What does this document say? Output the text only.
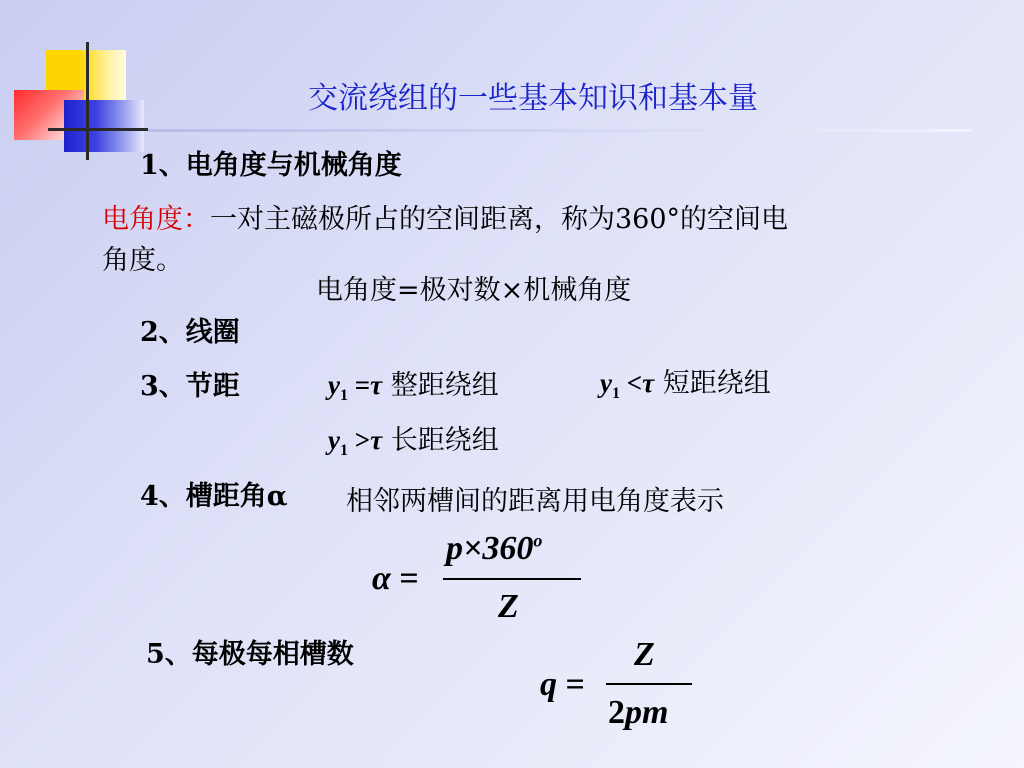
交流绕组的一些基本知识和基本量
1、电角度与机械角度
电角度：一对主磁极所占的空间距离，称为360°的空间电
角度。
电角度=极对数×机械角度
2、线圈
3、节距	$y_1 =\tau$ 整距绕组	$y_1 <\tau$ 短距绕组
$y_1 >\tau$ 长距绕组
4、槽距角α 相邻两槽间的距离用电角度表示
α =
$p\times 360^o$
Z
5、每极每相槽数
q =
Z
2pm
